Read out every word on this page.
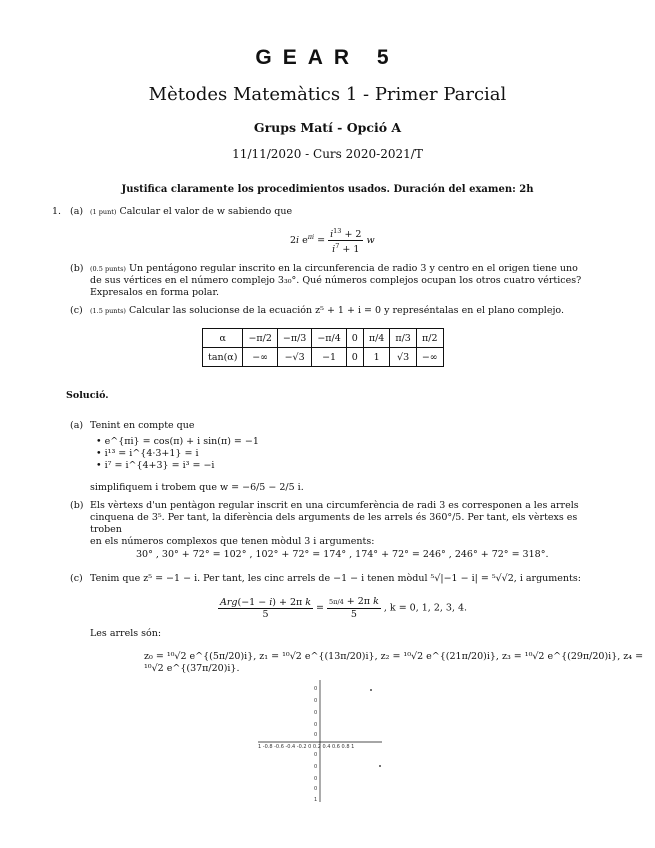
GEAR 5
Mètodes Matemàtics 1 - Primer Parcial
Grups Matí - Opció A
11/11/2020 - Curs 2020-2021/T
Justifica claramente los procedimientos usados. Duración del examen: 2h
1. (a) (1 punt) Calcular el valor de w sabiendo que
2i $e^{\pi i} = \frac{i^{13} + 2}{i^7 + 1}$ w
(b) (0.5 punts) Un pentágono regular inscrito en la circunferencia de radio 3 y centro en el origen tiene uno
de sus vértices en el número complejo 3₃₀°. Qué números complejos ocupan los otros cuatro vértices?
Expresalos en forma polar.
(c) (1.5 punts) Calcular las solucionse de la ecuación z⁵ + 1 + i = 0 y represéntalas en el plano complejo.
α	−π/2	−π/3	−π/4	0	π/4	π/3	π/2
tan(α)	−∞	−√3	−1	0	1	√3	−∞
Solució.
(a) Tenint en compte que
• e^{πi} = cos(π) + i sin(π) = −1
• i¹³ = i^{4·3+1} = i
• i⁷ = i^{4+3} = i³ = −i
simplifiquem i trobem que w = −6/5 − 2/5 i.
(b) Els vèrtexs d'un pentàgon regular inscrit en una circumferència de radi 3 es corresponen a les arrels
cinquena de 3⁵. Per tant, la diferència dels arguments de les arrels és 360°/5. Per tant, els vèrtexs es troben
en els números complexos que tenen mòdul 3 i arguments:
30° , 30° + 72° = 102° , 102° + 72° = 174° , 174° + 72° = 246° , 246° + 72° = 318°.
(c) Tenim que z⁵ = −1 − i. Per tant, les cinc arrels de −1 − i tenen mòdul ⁵√|−1 − i| = ⁵√√2, i arguments:
$\frac{\text{Arg(−1 − i) + 2π k}}{5} = \frac{\text{5π/4 + 2π k}}{5}$ , k = 0, 1, 2, 3, 4.
Les arrels són:
z₀ = ¹⁰√2 e^{(5π/20)i}, z₁ = ¹⁰√2 e^{(13π/20)i}, z₂ = ¹⁰√2 e^{(21π/20)i}, z₃ = ¹⁰√2 e^{(29π/20)i}, z₄ = ¹⁰√2 e^{(37π/20)i}.
0
0
0
0
0
0
0
0
0
1
1 -0.8 -0.6 -0.4 -0.2 0 0.2 0.4 0.6 0.8 1
